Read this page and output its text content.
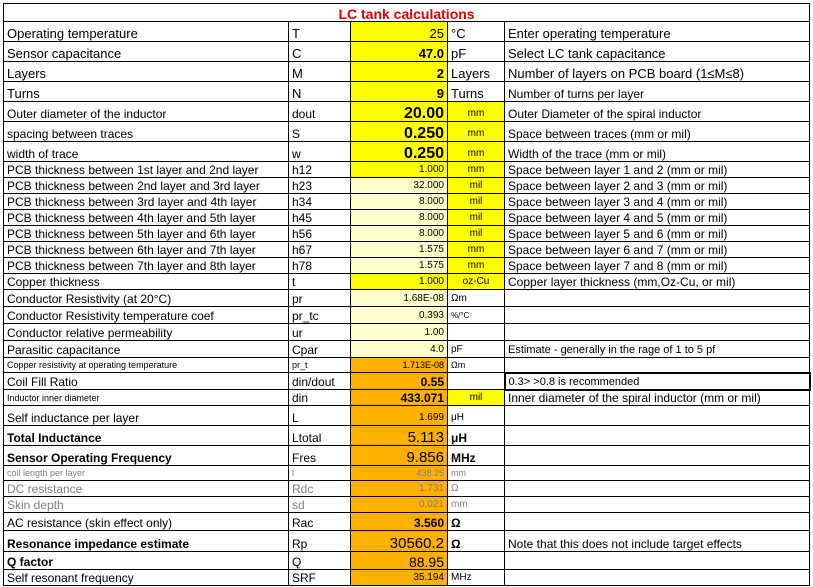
LC tank calculations				
Operating temperature	T	25	°C	Enter operating temperature
Sensor capacitance	C	47.0	pF	Select LC tank capacitance
Layers	M	2	Layers	Number of layers on PCB board (1≤M≤8)
Turns	N	9	Turns	Number of turns per layer
Outer diameter of the inductor	dout	20.00	mm	Outer Diameter of the spiral inductor
spacing between traces	S	0.250	mm	Space between traces (mm or mil)
width of trace	w	0.250	mm	Width of the trace (mm or mil)
PCB thickness between 1st layer and 2nd layer	h12	1.000	mm	Space between layer 1 and 2 (mm or mil)
PCB thickness between 2nd layer and 3rd layer	h23	32.000	mil	Space between layer 2 and 3 (mm or mil)
PCB thickness between 3rd layer and 4th layer	h34	8.000	mil	Space between layer 3 and 4 (mm or mil)
PCB thickness between 4th layer and 5th layer	h45	8.000	mil	Space between layer 4 and 5 (mm or mil)
PCB thickness between 5th layer and 6th layer	h56	8.000	mil	Space between layer 5 and 6 (mm or mil)
PCB thickness between 6th layer and 7th layer	h67	1.575	mm	Space between layer 6 and 7 (mm or mil)
PCB thickness between 7th layer and 8th layer	h78	1.575	mm	Space between layer 7 and 8 (mm or mil)
Copper thickness	t	1.000	oz-Cu	Copper layer thickness (mm,Oz-Cu, or mil)
Conductor Resistivity (at 20°C)	pr	1.68E-08	Ωm	
Conductor Resistivity temperature coef	pr_tc	0.393	%/°C	
Conductor relative permeability	ur	1.00		
Parasitic capacitance	Cpar	4.0	pF	Estimate - generally in the rage of 1 to 5 pf
Copper resistivity at operating temperature	pr_t	1.713E-08	Ωm	
Coil Fill Ratio	din/dout	0.55		0.3> >0.8 is recommended
Inductor inner diameter	din	433.071	mil	Inner diameter of the spiral inductor (mm or mil)
Self inductance per layer	L	1.699	μH	
Total Inductance	Ltotal	5.113	μH	
Sensor Operating Frequency	Fres	9.856	MHz	
coil length per layer	l	438.25	mm	
DC resistance	Rdc	1.731	Ω	
Skin depth	sd	0.021	mm	
AC resistance (skin effect only)	Rac	3.560	Ω	
Resonance impedance estimate	Rp	30560.2	Ω	Note that this does not include target effects
Q factor	Q	88.95		
Self resonant frequency	SRF	35.194	MHz	
